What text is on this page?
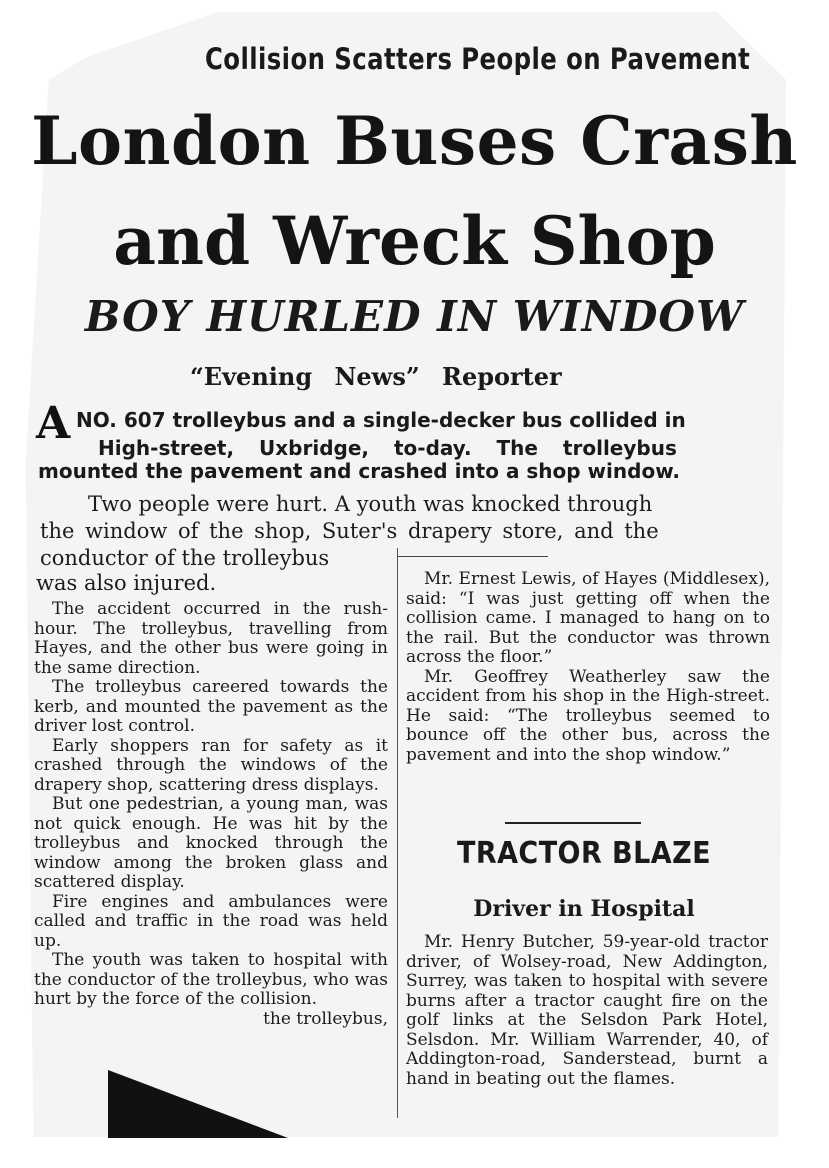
Collision Scatters People on Pavement
London Buses Crash
and Wreck Shop
BOY HURLED IN WINDOW
“Evening News” Reporter
A NO. 607 trolleybus and a single-decker bus collided in
High-street, Uxbridge, to-day. The trolleybus
mounted the pavement and crashed into a shop window.
Two people were hurt. A youth was knocked through
the window of the shop, Suter's drapery store, and the
conductor of the trolleybus
was also injured.

The accident occurred in the rush-hour. The trolleybus, travelling from Hayes, and the other bus were going in the same direction.

The trolleybus careered towards the kerb, and mounted the pavement as the driver lost control.

Early shoppers ran for safety as it crashed through the windows of the drapery shop, scattering dress displays.

But one pedestrian, a young man, was not quick enough. He was hit by the trolleybus and knocked through the window among the broken glass and scattered display.

Fire engines and ambulances were called and traffic in the road was held up.

The youth was taken to hospital with the conductor of the trolleybus, who was hurt by the force of the collision.

the trolleybus,

Mr. Ernest Lewis, of Hayes (Middlesex), said: “I was just getting off when the collision came. I managed to hang on to the rail. But the conductor was thrown across the floor.”

Mr. Geoffrey Weatherley saw the accident from his shop in the High-street. He said: “The trolleybus seemed to bounce off the other bus, across the pavement and into the shop window.”

TRACTOR BLAZE
Driver in Hospital

Mr. Henry Butcher, 59-year-old tractor driver, of Wolsey-road, New Addington, Surrey, was taken to hospital with severe burns after a tractor caught fire on the golf links at the Selsdon Park Hotel, Selsdon. Mr. William Warrender, 40, of Addington-road, Sanderstead, burnt a hand in beating out the flames.
